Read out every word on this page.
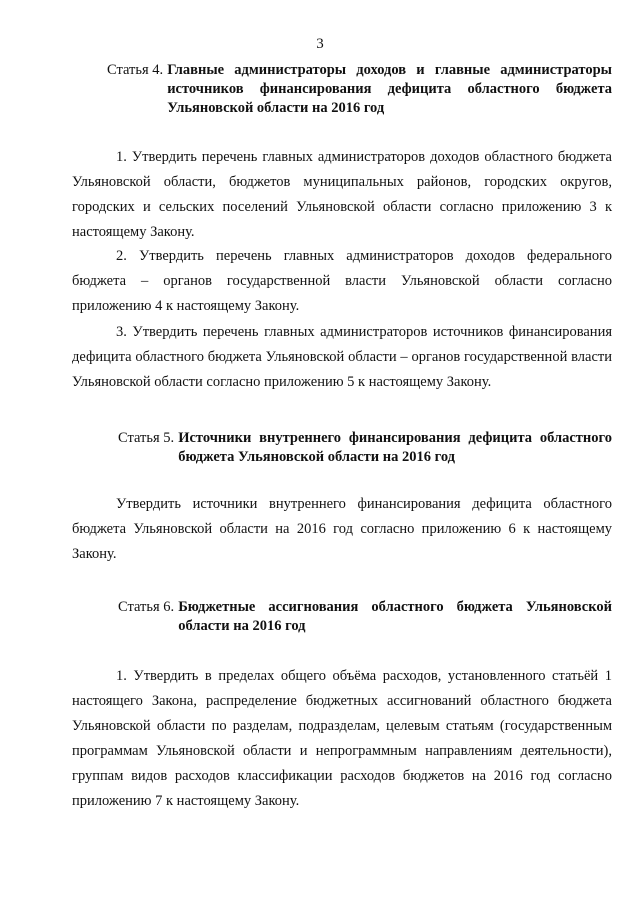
3
Статья 4. Главные администраторы доходов и главные администраторы источников финансирования дефицита областного бюджета Ульяновской области на 2016 год

1. Утвердить перечень главных администраторов доходов областного бюджета Ульяновской области, бюджетов муниципальных районов, городских округов, городских и сельских поселений Ульяновской области согласно приложению 3 к настоящему Закону.

2. Утвердить перечень главных администраторов доходов федерального бюджета – органов государственной власти Ульяновской области согласно приложению 4 к настоящему Закону.

3. Утвердить перечень главных администраторов источников финансирования дефицита областного бюджета Ульяновской области – органов государственной власти Ульяновской области согласно приложению 5 к настоящему Закону.

Статья 5. Источники внутреннего финансирования дефицита областного бюджета Ульяновской области на 2016 год

Утвердить источники внутреннего финансирования дефицита областного бюджета Ульяновской области на 2016 год согласно приложению 6 к настоящему Закону.

Статья 6. Бюджетные ассигнования областного бюджета Ульяновской области на 2016 год

1. Утвердить в пределах общего объёма расходов, установленного статьёй 1 настоящего Закона, распределение бюджетных ассигнований областного бюджета Ульяновской области по разделам, подразделам, целевым статьям (государственным программам Ульяновской области и непрограммным направлениям деятельности), группам видов расходов классификации расходов бюджетов на 2016 год согласно приложению 7 к настоящему Закону.
